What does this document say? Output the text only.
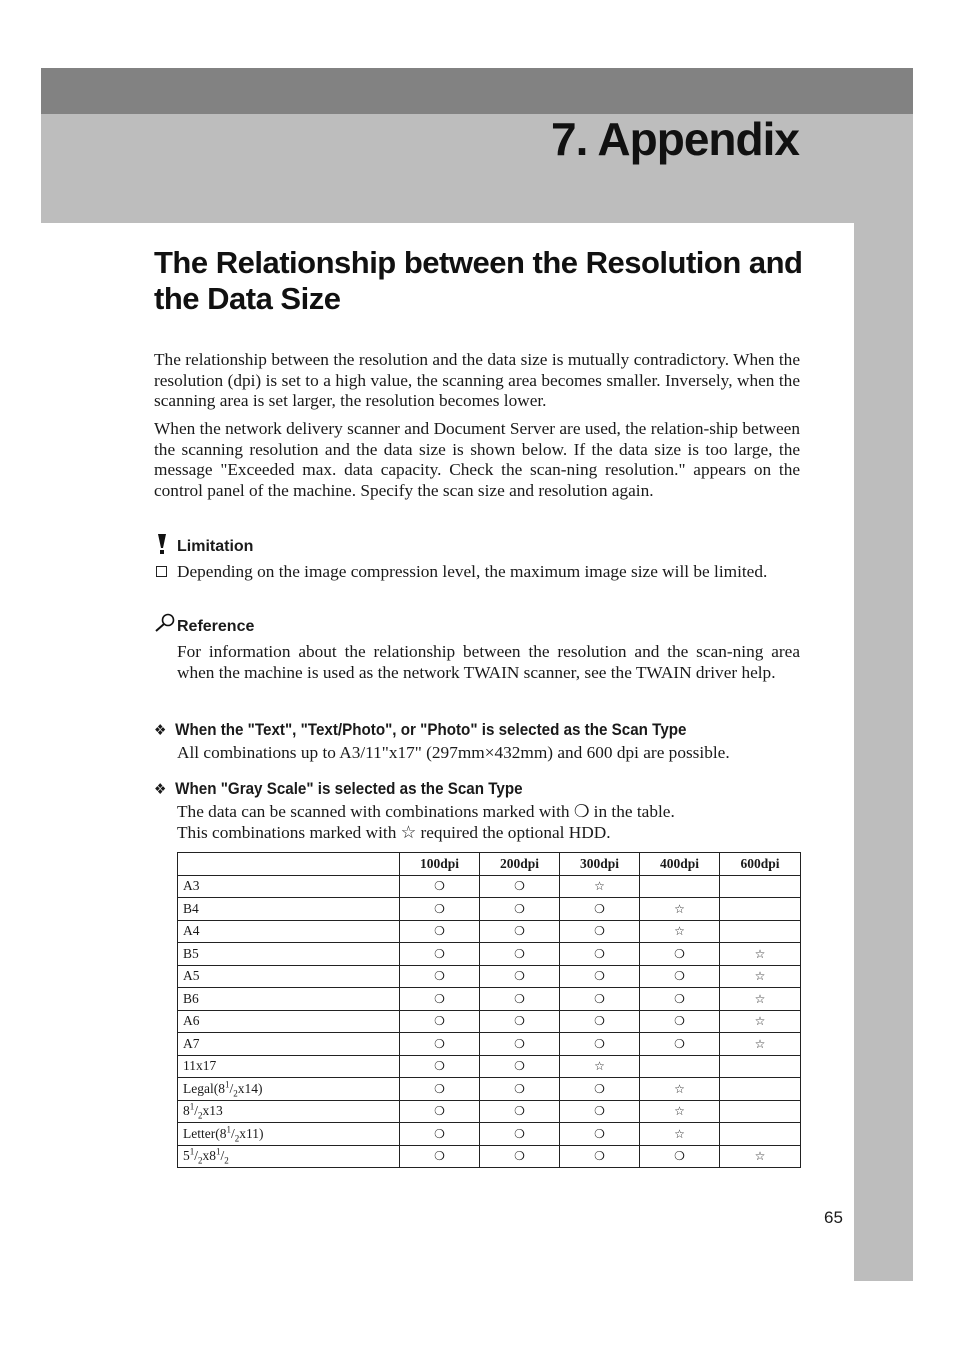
7. Appendix
The Relationship between the Resolution and the Data Size

The relationship between the resolution and the data size is mutually contradictory. When the resolution (dpi) is set to a high value, the scanning area becomes smaller. Inversely, when the scanning area is set larger, the resolution becomes lower.

When the network delivery scanner and Document Server are used, the relation-ship between the scanning resolution and the data size is shown below. If the data size is too large, the message "Exceeded max. data capacity. Check the scan-ning resolution." appears on the control panel of the machine. Specify the scan size and resolution again.

Limitation

Depending on the image compression level, the maximum image size will be limited.

Reference

For information about the relationship between the resolution and the scan-ning area when the machine is used as the network TWAIN scanner, see the TWAIN driver help.

❖ When the "Text", "Text/Photo", or "Photo" is selected as the Scan Type

All combinations up to A3/11"x17" (297mm×432mm) and 600 dpi are possible.

❖ When "Gray Scale" is selected as the Scan Type

The data can be scanned with combinations marked with ❍ in the table.

This combinations marked with ☆ required the optional HDD.

	100dpi	200dpi	300dpi	400dpi	600dpi
A3	❍	❍	☆		
B4	❍	❍	❍	☆	
A4	❍	❍	❍	☆	
B5	❍	❍	❍	❍	☆
A5	❍	❍	❍	❍	☆
B6	❍	❍	❍	❍	☆
A6	❍	❍	❍	❍	☆
A7	❍	❍	❍	❍	☆
11x17	❍	❍	☆		
$Legal(8^1/_2x14)$	❍	❍	❍	☆	
$8^1/_2x13$	❍	❍	❍	☆	
$Letter(8^1/_2x11)$	❍	❍	❍	☆	
$5^1/_2x8^1/_2$	❍	❍	❍	❍	☆
65
